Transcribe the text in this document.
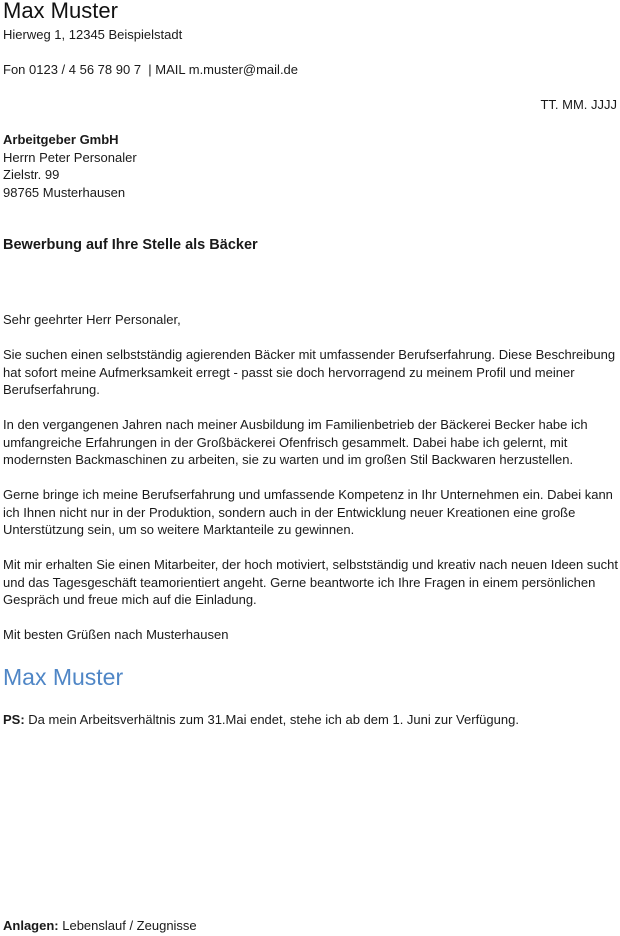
Max Muster
Hierweg 1, 12345 Beispielstadt
Fon 0123 / 4 56 78 90 7  | MAIL m.muster@mail.de
TT. MM. JJJJ
Arbeitgeber GmbH
Herrn Peter Personaler
Zielstr. 99
98765 Musterhausen
Bewerbung auf Ihre Stelle als Bäcker
Sehr geehrter Herr Personaler,

Sie suchen einen selbstständig agierenden Bäcker mit umfassender Berufserfahrung. Diese Beschreibung hat sofort meine Aufmerksamkeit erregt - passt sie doch hervorragend zu meinem Profil und meiner Berufserfahrung.

In den vergangenen Jahren nach meiner Ausbildung im Familienbetrieb der Bäckerei Becker habe ich umfangreiche Erfahrungen in der Großbäckerei Ofenfrisch gesammelt. Dabei habe ich gelernt, mit modernsten Backmaschinen zu arbeiten, sie zu warten und im großen Stil Backwaren herzustellen.

Gerne bringe ich meine Berufserfahrung und umfassende Kompetenz in Ihr Unternehmen ein. Dabei kann ich Ihnen nicht nur in der Produktion, sondern auch in der Entwicklung neuer Kreationen eine große Unterstützung sein, um so weitere Marktanteile zu gewinnen.

Mit mir erhalten Sie einen Mitarbeiter, der hoch motiviert, selbstständig und kreativ nach neuen Ideen sucht und das Tagesgeschäft teamorientiert angeht. Gerne beantworte ich Ihre Fragen in einem persönlichen Gespräch und freue mich auf die Einladung.

Mit besten Grüßen nach Musterhausen

Max Muster
PS: Da mein Arbeitsverhältnis zum 31.Mai endet, stehe ich ab dem 1. Juni zur Verfügung.
Anlagen: Lebenslauf / Zeugnisse
